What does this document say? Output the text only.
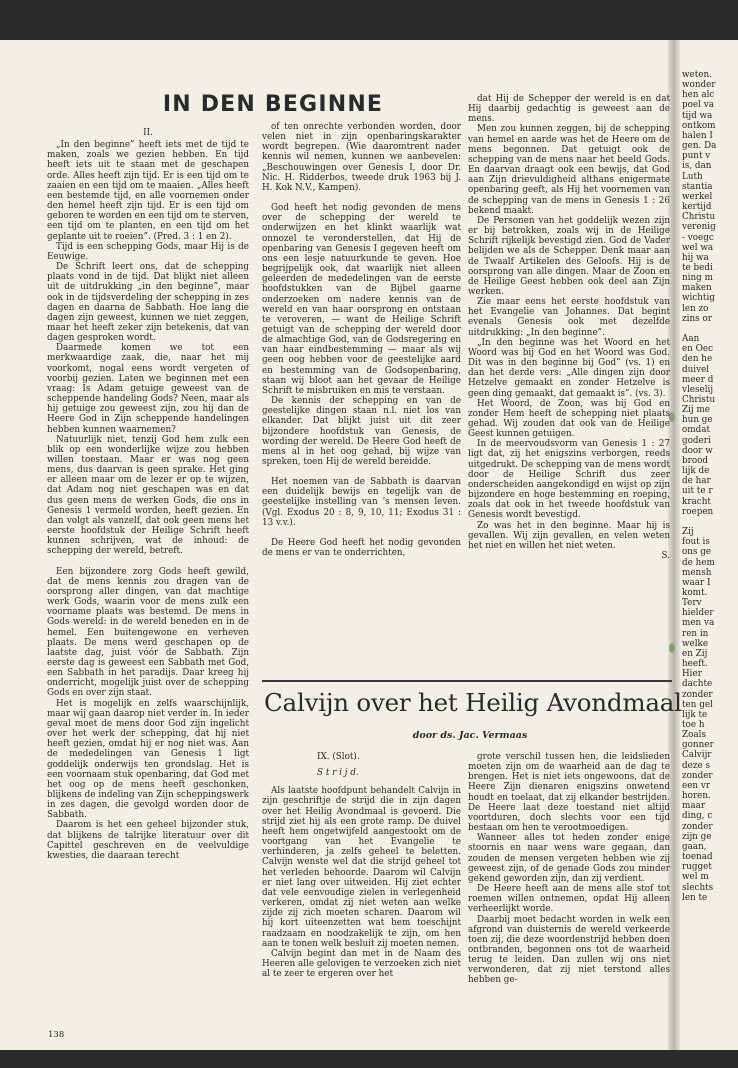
IN DEN BEGINNE

II.

„In den beginne” heeft iets met de tijd te maken, zoals we gezien hebben. En tijd heeft iets uit te staan met de geschapen orde. Alles heeft zijn tijd. Er is een tijd om te zaaien en een tijd om te maaien. „Alles heeft een bestemde tijd, en alle voornemen onder den hemel heeft zijn tijd. Er is een tijd om geboren te worden en een tijd om te sterven, een tijd om te planten, en een tijd om het geplante uit te roeien”. (Pred. 3 : 1 en 2).

Tijd is een schepping Gods, maar Hij is de Eeuwige.

De Schrift leert ons, dat de schepping plaats vond in de tijd. Dat blijkt niet alleen uit de uitdrukking „in den beginne”, maar ook in de tijdsverdeling der schepping in zes dagen en daarna de Sabbath. Hoe lang die dagen zijn geweest, kunnen we niet zeggen, maar het heeft zeker zijn betekenis, dat van dagen gesproken wordt.

Daarmede komen we tot een merkwaardige zaak, die, naar het mij voorkomt, nogal eens wordt vergeten of voorbij gezien. Laten we beginnen met een vraag: Is Adam getuige geweest van de scheppende handeling Gods? Neen, maar als hij getuige zou geweest zijn, zou hij dan de Heere God in Zijn scheppende handelingen hebben kunnen waarnemen?

Natuurlijk niet, tenzij God hem zulk een blik op een wonderlijke wijze zou hebben willen toestaan. Maar er was nog geen mens, dus daarvan is geen sprake. Het ging er alleen maar om de lezer er op te wijzen, dat Adam nog niet geschapen was en dat dus geen mens de werken Gods, die ons in Genesis 1 vermeld worden, heeft gezien. En dan volgt als vanzelf, dat ook geen mens het eerste hoofdstuk der Heilige Schrift heeft kunnen schrijven, wat de inhoud: de schepping der wereld, betreft.

Een bijzondere zorg Gods heeft gewild, dat de mens kennis zou dragen van de oorsprong aller dingen, van dat machtige werk Gods, waarin voor de mens zulk een voorname plaats was bestemd. De mens in Gods wereld: in de wereld beneden en in de hemel. Een buitengewone en verheven plaats. De mens werd geschapen op de laatste dag, juist vóór de Sabbath. Zijn eerste dag is geweest een Sabbath met God, een Sabbath in het paradijs. Daar kreeg hij onderricht, mogelijk juist over de schepping Gods en over zijn staat.

Het is mogelijk en zelfs waarschijnlijk, maar wij gaan daarop niet verder in. In ieder geval moet de mens door God zijn ingelicht over het werk der schepping, dat hij niet heeft gezien, omdat hij er nog niet was. Aan de mededelingen van Genesis 1 ligt goddelijk onderwijs ten grondslag. Het is een voornaam stuk openbaring, dat God met het oog op de mens heeft geschonken, blijkens de indeling van Zijn scheppingswerk in zes dagen, die gevolgd worden door de Sabbath.

Daarom is het een geheel bijzonder stuk, dat blijkens de talrijke literatuur over dit Capittel geschreven en de veelvuldige kwesties, die daaraan terecht

of ten onrechte verbonden worden, door velen niet in zijn openbaringskarakter wordt begrepen. (Wie daaromtrent nader kennis wil nemen, kunnen we aanbevelen: „Beschouwingen over Genesis I, door Dr. Nic. H. Ridderbos, tweede druk 1963 bij J. H. Kok N.V., Kampen).

God heeft het nodig gevonden de mens over de schepping der wereld te onderwijzen en het klinkt waarlijk wat onnozel te veronderstellen, dat Hij de openbaring van Genesis I gegeven heeft om ons een lesje natuurkunde te geven. Hoe begrijpelijk ook, dat waarlijk niet alleen geleerden de mededelingen van de eerste hoofdstukken van de Bijbel gaarne onderzoeken om nadere kennis van de wereld en van haar oorsprong en ontstaan te veroveren, — want de Heilige Schrift getuigt van de schepping der wereld door de almachtige God, van de Godsregering en van haar eindbestemming — maar als wij geen oog hebben voor de geestelijke aard en bestemming van de Godsopenbaring, staan wij bloot aan het gevaar de Heilige Schrift te misbruiken en mis te verstaan.

De kennis der schepping en van de geestelijke dingen staan n.l. niet los van elkander. Dat blijkt juist uit dit zeer bijzondere hoofdstuk van Genesis, de wording der wereld. De Heere God heeft de mens al in het oog gehad, bij wijze van spreken, toen Hij de wereld bereidde.

Het noemen van de Sabbath is daarvan een duidelijk bewijs en tegelijk van de geestelijke instelling van 's mensen leven. (Vgl. Exodus 20 : 8, 9, 10, 11; Exodus 31 : 13 v.v.).

De Heere God heeft het nodig gevonden de mens er van te onderrichten,

dat Hij de Schepper der wereld is en dat Hij daarbij gedachtig is geweest aan de mens.

Men zou kunnen zeggen, bij de schepping van hemel en aarde was het de Heere om de mens begonnen. Dat getuigt ook de schepping van de mens naar het beeld Gods. En daarvan draagt ook een bewijs, dat God aan Zijn drievuldigheid althans enigermate openbaring geeft, als Hij het voornemen van de schepping van de mens in Genesis 1 : 26 bekend maakt.

De Personen van het goddelijk wezen zijn er bij betrokken, zoals wij in de Heilige Schrift rijkelijk bevestigd zien. God de Vader belijden we als de Schepper. Denk maar aan de Twaalf Artikelen des Geloofs. Hij is de oorsprong van alle dingen. Maar de Zoon en de Heilige Geest hebben ook deel aan Zijn werken.

Zie maar eens het eerste hoofdstuk van het Evangelie van Johannes. Dat begint evenals Genesis ook met dezelfde uitdrukking: „In den beginne”.

„In den beginne was het Woord en het Woord was bij God en het Woord was God. Dit was in den beginne bij God” (vs. 1) en dan het derde vers: „Alle dingen zijn door Hetzelve gemaakt en zonder Hetzelve is geen ding gemaakt, dat gemaakt is”. (vs. 3).

Het Woord, de Zoon, was bij God en zonder Hem heeft de schepping niet plaats gehad. Wij zouden dat ook van de Heilige Geest kunnen getuigen.

In de meervoudsvorm van Genesis 1 : 27 ligt dat, zij het enigszins verborgen, reeds uitgedrukt. De schepping van de mens wordt door de Heilige Schrift dus zeer onderscheiden aangekondigd en wijst op zijn bijzondere en hoge bestemming en roeping, zoals dat ook in het tweede hoofdstuk van Genesis wordt bevestigd.

Zo was het in den beginne. Maar hij is gevallen. Wij zijn gevallen, en velen weten het niet en willen het niet weten.

S.

Calvijn over het Heilig Avondmaal
door ds. Jac. Vermaas

IX. (Slot).

S t r i j d.

Als laatste hoofdpunt behandelt Calvijn in zijn geschriftje de strijd die in zijn dagen over het Heilig Avondmaal is gevoerd. Die strijd ziet hij als een grote ramp. De duivel heeft hem ongetwijfeld aangestookt om de voortgang van het Evangelie te verhinderen, ja zelfs geheel te beletten. Calvijn wenste wel dat die strijd geheel tot het verleden behoorde. Daarom wil Calvijn er niet lang over uitweiden. Hij ziet echter dat vele eenvoudige zielen in verlegenheid verkeren, omdat zij niet weten aan welke zijde zij zich moeten scharen. Daarom wil hij kort uiteenzetten wat hem toeschijnt raadzaam en noodzakelijk te zijn, om hen aan te tonen welk besluit zij moeten nemen.

Calvijn begint dan met in de Naam des Heeren alle gelovigen te verzoeken zich niet al te zeer te ergeren over het

grote verschil tussen hen, die leidslieden moeten zijn om de waarheid aan de dag te brengen. Het is niet iets ongewoons, dat de Heere Zijn dienaren enigszins onwetend houdt en toelaat, dat zij elkander bestrijden. De Heere laat deze toestand niet altijd voortduren, doch slechts voor een tijd bestaan om hen te verootmoedigen.

Wanneer alles tot heden zonder enige stoornis en naar wens ware gegaan, dan zouden de mensen vergeten hebben wie zij geweest zijn, of de genade Gods zou minder gekend geworden zijn, dan zij verdient.

De Heere heeft aan de mens alle stof tot roemen willen ontnemen, opdat Hij alleen verheerlijkt worde.

Daarbij moet bedacht worden in welk een afgrond van duisternis de wereld verkeerde toen zij, die deze woordenstrijd hebben doen ontbranden, begonnen ons tot de waarheid terug te leiden. Dan zullen wij ons niet verwonderen, dat zij niet terstond alles hebben ge-

138

weten.

wonder

hen alc

poel va

tijd wa

ontkom

halen I

gen. Da

punt v

is, dan

Luth

stantia

werkel

kertijd

Christu

verenig

- voegc

wel wa

hij wa

te bedi

ning m

maken

wichtig

len zo

zins or

Aan

en Oec

den he

duivel

meer d

vleselij

Christu

Zij me

hun ge

omdat

goderi

door w

brood

lijk de

de har

uit te r

kracht

roepen

Zij

fout is

ons ge

de hem

mensh

waar I

komt.

Terv

hielder

men va

ren in

welke

en Zij

heeft.

Hier

dachte

zonder

ten gel

lijk te

toe h

Zoals

gonner

Calvijr

deze s

zonder

een vr

horen.

maar

ding, c

zonder

zijn ge

gaan,

toenad

rugget

wel m

slechts

len te
